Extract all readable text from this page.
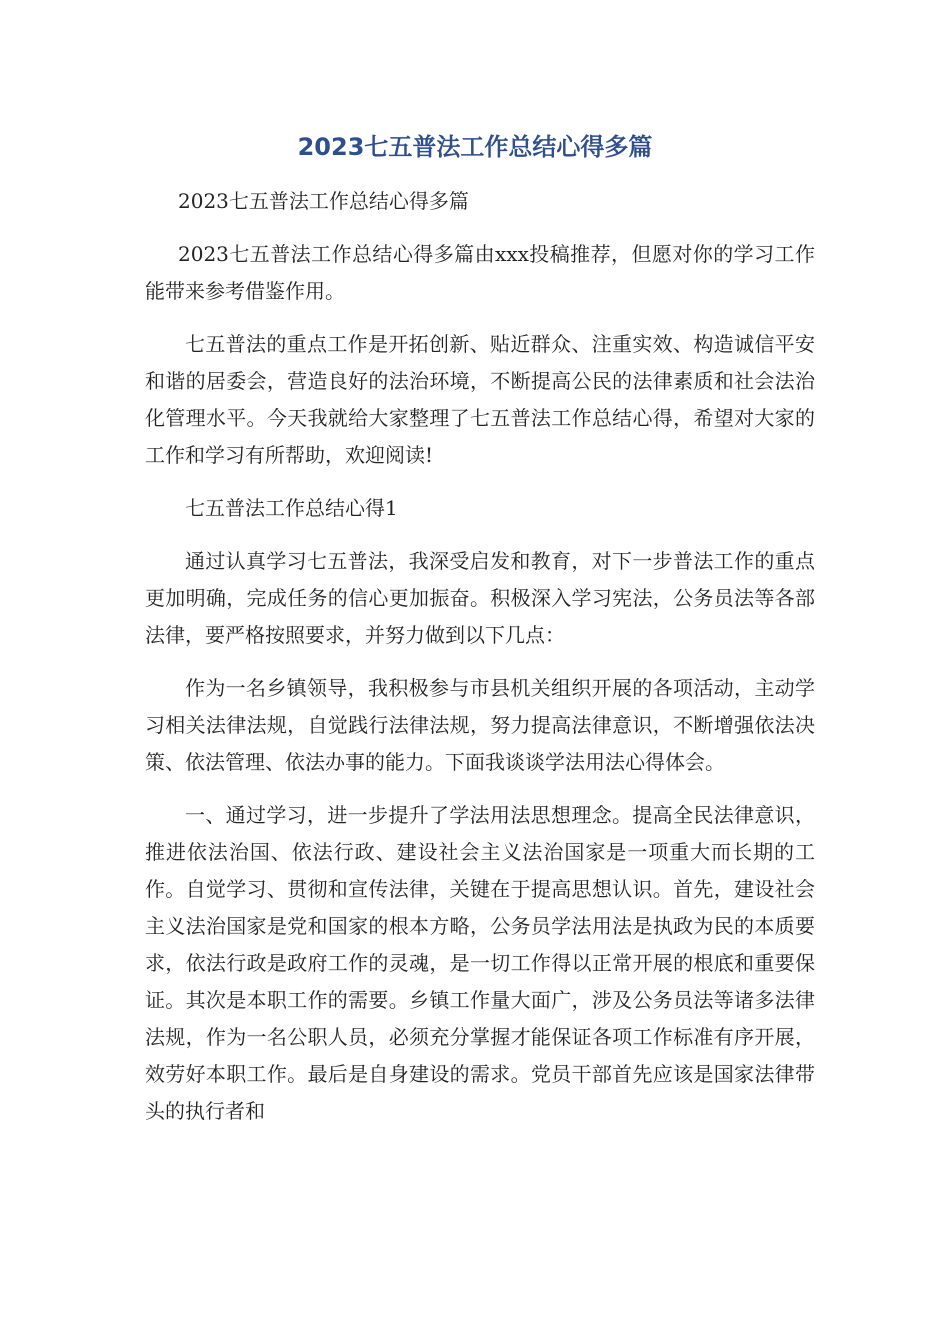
2023七五普法工作总结心得多篇

2023七五普法工作总结心得多篇

2023七五普法工作总结心得多篇由xxx投稿推荐，但愿对你的学习工作能带来参考借鉴作用。

七五普法的重点工作是开拓创新、贴近群众、注重实效、构造诚信平安和谐的居委会，营造良好的法治环境，不断提高公民的法律素质和社会法治化管理水平。今天我就给大家整理了七五普法工作总结心得，希望对大家的工作和学习有所帮助，欢迎阅读!

七五普法工作总结心得1

通过认真学习七五普法，我深受启发和教育，对下一步普法工作的重点更加明确，完成任务的信心更加振奋。积极深入学习宪法，公务员法等各部法律，要严格按照要求，并努力做到以下几点：

作为一名乡镇领导，我积极参与市县机关组织开展的各项活动，主动学习相关法律法规，自觉践行法律法规，努力提高法律意识，不断增强依法决策、依法管理、依法办事的能力。下面我谈谈学法用法心得体会。

一、通过学习，进一步提升了学法用法思想理念。提高全民法律意识，推进依法治国、依法行政、建设社会主义法治国家是一项重大而长期的工作。自觉学习、贯彻和宣传法律，关键在于提高思想认识。首先，建设社会主义法治国家是党和国家的根本方略，公务员学法用法是执政为民的本质要求，依法行政是政府工作的灵魂，是一切工作得以正常开展的根底和重要保证。其次是本职工作的需要。乡镇工作量大面广，涉及公务员法等诸多法律法规，作为一名公职人员，必须充分掌握才能保证各项工作标准有序开展，效劳好本职工作。最后是自身建设的需求。党员干部首先应该是国家法律带头的执行者和
